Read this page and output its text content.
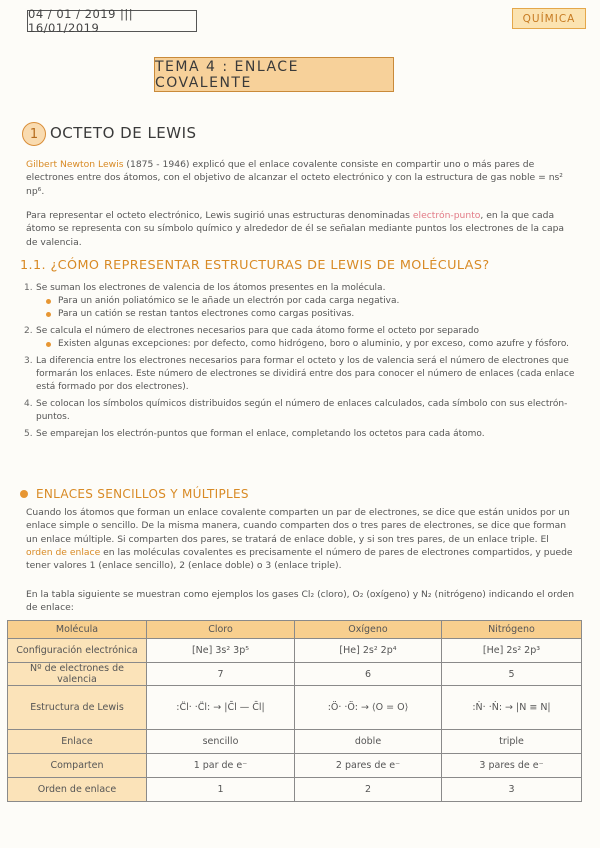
04 / 01 / 2019 ||| 16/01/2019
QUÍMICA
TEMA 4 : ENLACE COVALENTE
1 OCTETO DE LEWIS
Gilbert Newton Lewis (1875 - 1946) explicó que el enlace covalente consiste en compartir uno o más pares de electrones entre dos átomos, con el objetivo de alcanzar el octeto electrónico y con la estructura de gas noble = ns² np⁶.
Para representar el octeto electrónico, Lewis sugirió unas estructuras denominadas electrón-punto, en la que cada átomo se representa con su símbolo químico y alrededor de él se señalan mediante puntos los electrones de la capa de valencia.
1.1. ¿CÓMO REPRESENTAR ESTRUCTURAS DE LEWIS DE MOLÉCULAS?
1. Se suman los electrones de valencia de los átomos presentes en la molécula.
Para un anión poliatómico se le añade un electrón por cada carga negativa.
Para un catión se restan tantos electrones como cargas positivas.
2. Se calcula el número de electrones necesarios para que cada átomo forme el octeto por separado
Existen algunas excepciones: por defecto, como hidrógeno, boro o aluminio, y por exceso, como azufre y fósforo.
3. La diferencia entre los electrones necesarios para formar el octeto y los de valencia será el número de electrones que formarán los enlaces. Este número de electrones se dividirá entre dos para conocer el número de enlaces (cada enlace está formado por dos electrones).
4. Se colocan los símbolos químicos distribuidos según el número de enlaces calculados, cada símbolo con sus electrón-puntos.
5. Se emparejan los electrón-puntos que forman el enlace, completando los octetos para cada átomo.
ENLACES SENCILLOS Y MÚLTIPLES
Cuando los átomos que forman un enlace covalente comparten un par de electrones, se dice que están unidos por un enlace simple o sencillo. De la misma manera, cuando comparten dos o tres pares de electrones, se dice que forman un enlace múltiple. Si comparten dos pares, se tratará de enlace doble, y si son tres pares, de un enlace triple. El orden de enlace en las moléculas covalentes es precisamente el número de pares de electrones compartidos, y puede tener valores 1 (enlace sencillo), 2 (enlace doble) o 3 (enlace triple).
En la tabla siguiente se muestran como ejemplos los gases Cl₂ (cloro), O₂ (oxígeno) y N₂ (nitrógeno) indicando el orden de enlace:
Molécula	Cloro	Oxígeno	Nitrógeno
Configuración electrónica	[Ne] 3s² 3p⁵	[He] 2s² 2p⁴	[He] 2s² 2p³
Nº de electrones de valencia	7	6	5
Estructura de Lewis	:C̈l· ·C̈l: → |C̄l — C̄l|	:Ö· ·Ö: → ⟨O = O⟩	:Ṅ· ·Ṅ: → |N ≡ N|
Enlace	sencillo	doble	triple
Comparten	1 par de e⁻	2 pares de e⁻	3 pares de e⁻
Orden de enlace	1	2	3
